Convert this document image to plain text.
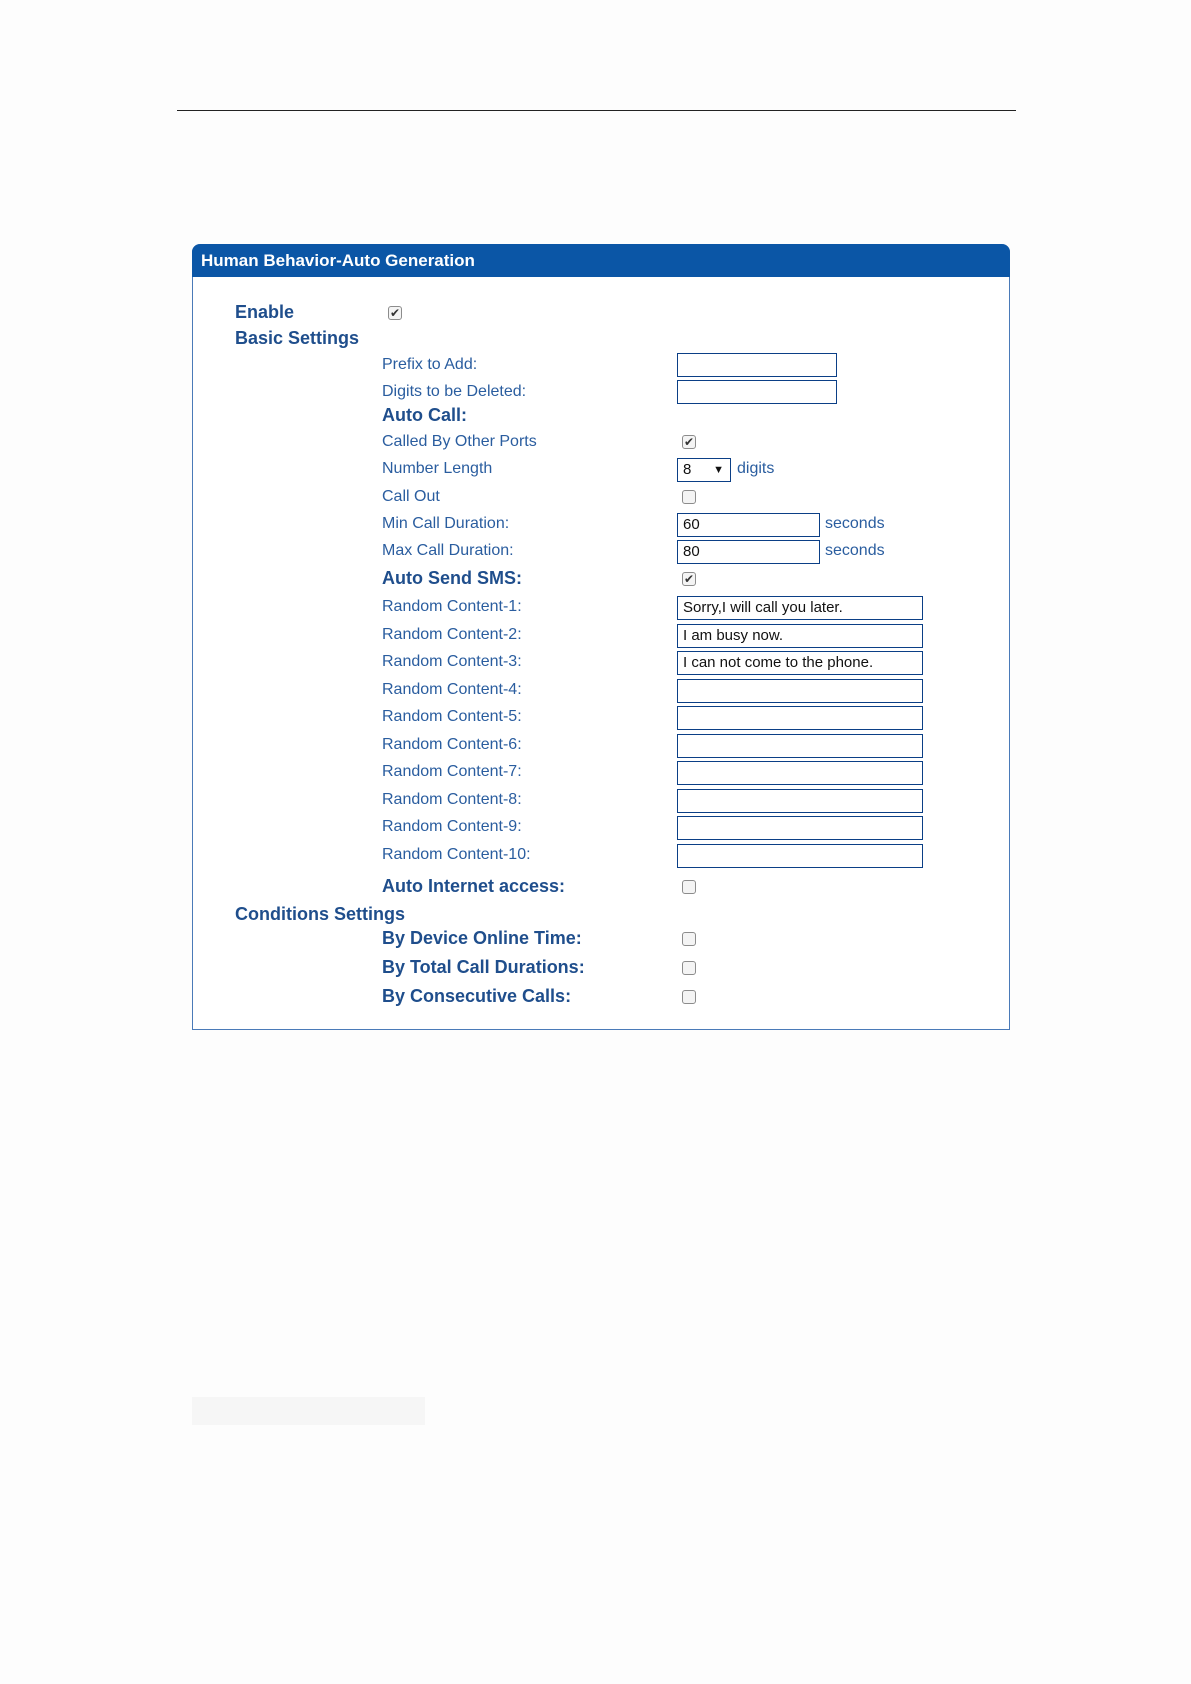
Human Behavior-Auto Generation
Enable	✔
Basic Settings
Prefix to Add:
Digits to be Deleted:
Auto Call:
Called By Other Ports	✔
Number Length	8 ▼ digits
Call Out
Min Call Duration:	60	seconds
Max Call Duration:	80	seconds
Auto Send SMS:	✔
Random Content-1:	Sorry,I will call you later.
Random Content-2:	I am busy now.
Random Content-3:	I can not come to the phone.
Random Content-4:
Random Content-5:
Random Content-6:
Random Content-7:
Random Content-8:
Random Content-9:
Random Content-10:
Auto Internet access:
Conditions Settings
By Device Online Time:
By Total Call Durations:
By Consecutive Calls:
